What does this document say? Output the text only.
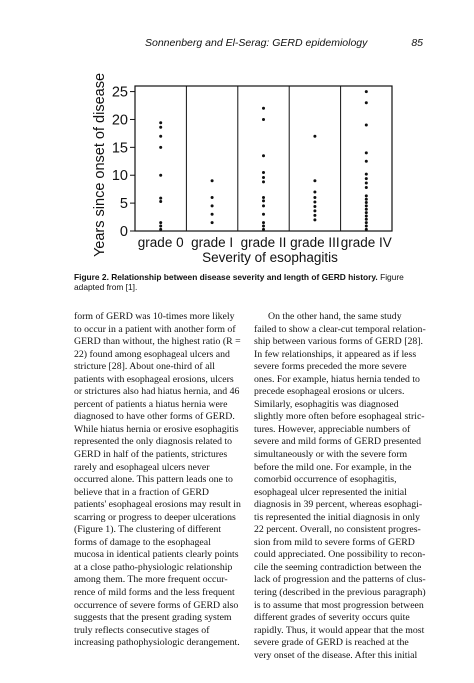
Sonnenberg and El-Serag: GERD epidemiology	85
0
5
10
15
20
25
grade 0 grade I grade II grade III grade IV
Years since onset of disease
Severity of esophagitis
Figure 2. Relationship between disease severity and length of GERD history. Figure adapted from [1].
form of GERD was 10-times more likely
to occur in a patient with another form of
GERD than without, the highest ratio (R =
22) found among esophageal ulcers and
stricture [28]. About one-third of all
patients with esophageal erosions, ulcers
or strictures also had hiatus hernia, and 46
percent of patients a hiatus hernia were
diagnosed to have other forms of GERD.
While hiatus hernia or erosive esophagitis
represented the only diagnosis related to
GERD in half of the patients, strictures
rarely and esophageal ulcers never
occurred alone. This pattern leads one to
believe that in a fraction of GERD
patients' esophageal erosions may result in
scarring or progress to deeper ulcerations
(Figure 1). The clustering of different
forms of damage to the esophageal
mucosa in identical patients clearly points
at a close patho-physiologic relationship
among them. The more frequent occur-
rence of mild forms and the less frequent
occurrence of severe forms of GERD also
suggests that the present grading system
truly reflects consecutive stages of
increasing pathophysiologic derangement.
On the other hand, the same study
failed to show a clear-cut temporal relation-
ship between various forms of GERD [28].
In few relationships, it appeared as if less
severe forms preceded the more severe
ones. For example, hiatus hernia tended to
precede esophageal erosions or ulcers.
Similarly, esophagitis was diagnosed
slightly more often before esophageal stric-
tures. However, appreciable numbers of
severe and mild forms of GERD presented
simultaneously or with the severe form
before the mild one. For example, in the
comorbid occurrence of esophagitis,
esophageal ulcer represented the initial
diagnosis in 39 percent, whereas esophagi-
tis represented the initial diagnosis in only
22 percent. Overall, no consistent progres-
sion from mild to severe forms of GERD
could appreciated. One possibility to recon-
cile the seeming contradiction between the
lack of progression and the patterns of clus-
tering (described in the previous paragraph)
is to assume that most progression between
different grades of severity occurs quite
rapidly. Thus, it would appear that the most
severe grade of GERD is reached at the
very onset of the disease. After this initial
